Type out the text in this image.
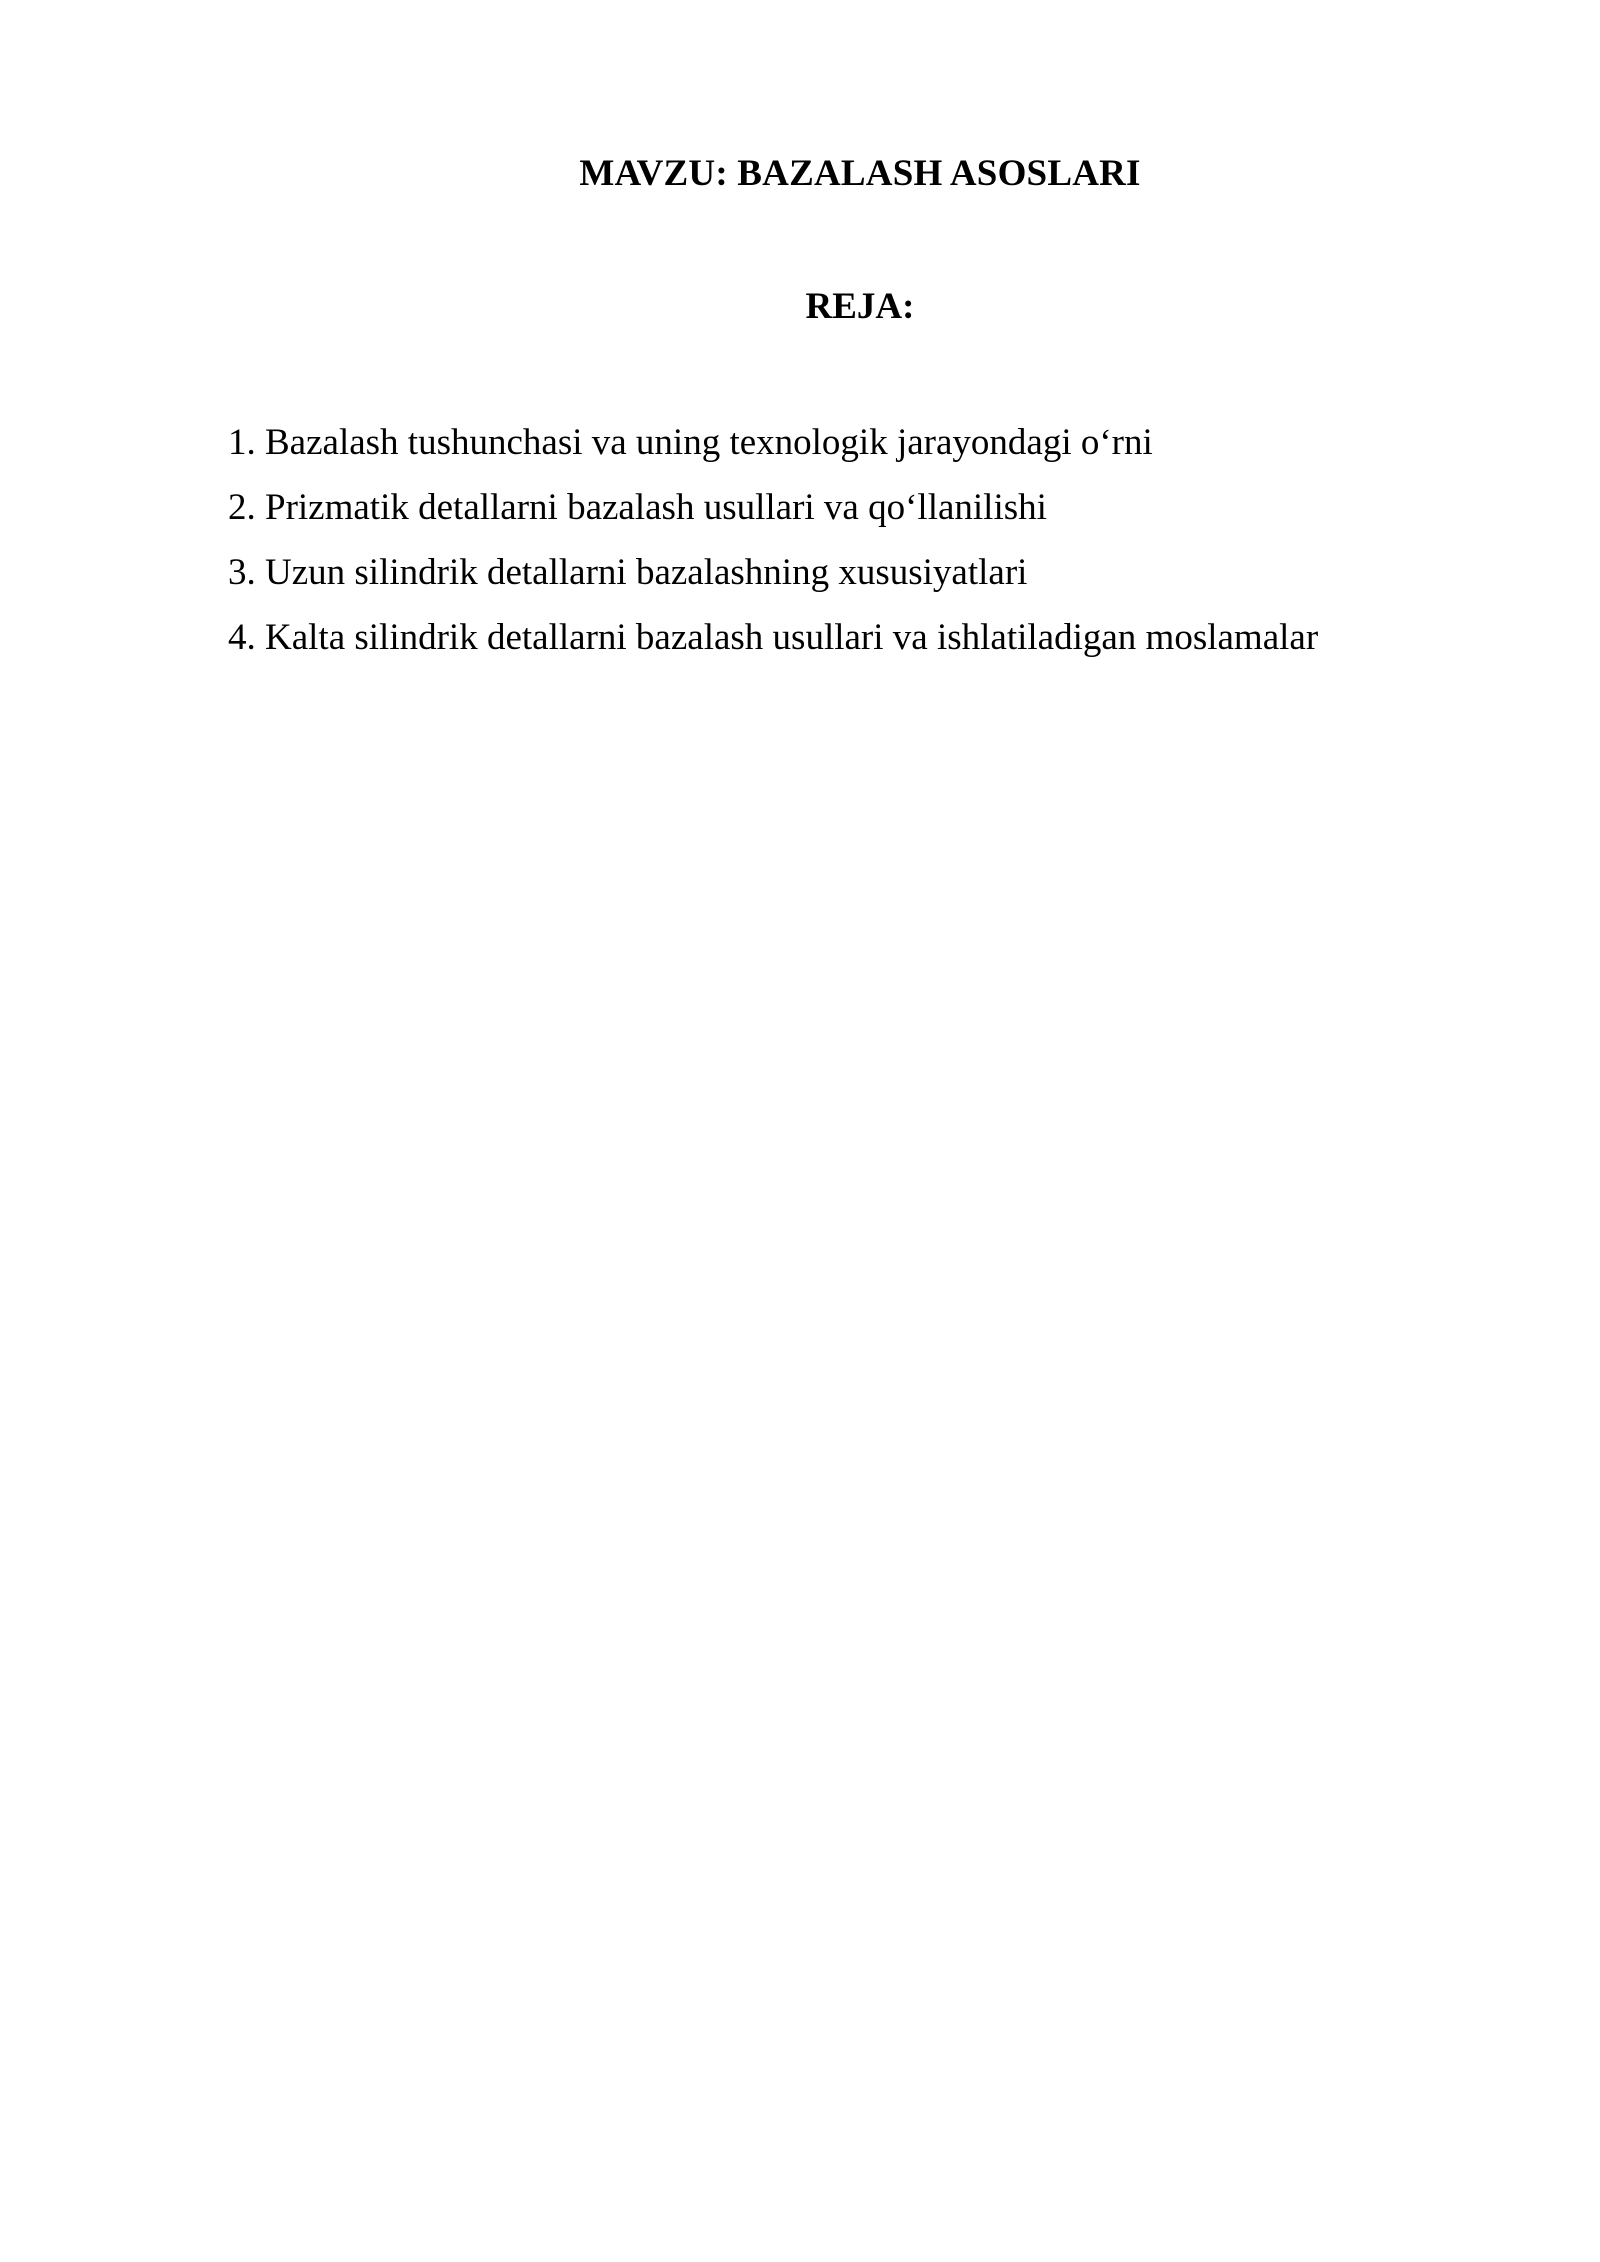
MAVZU: BAZALASH ASOSLARI
REJA:
1. Bazalash tushunchasi va uning texnologik jarayondagi o‘rni
2. Prizmatik detallarni bazalash usullari va qo‘llanilishi
3. Uzun silindrik detallarni bazalashning xususiyatlari
4. Kalta silindrik detallarni bazalash usullari va ishlatiladigan moslamalar
